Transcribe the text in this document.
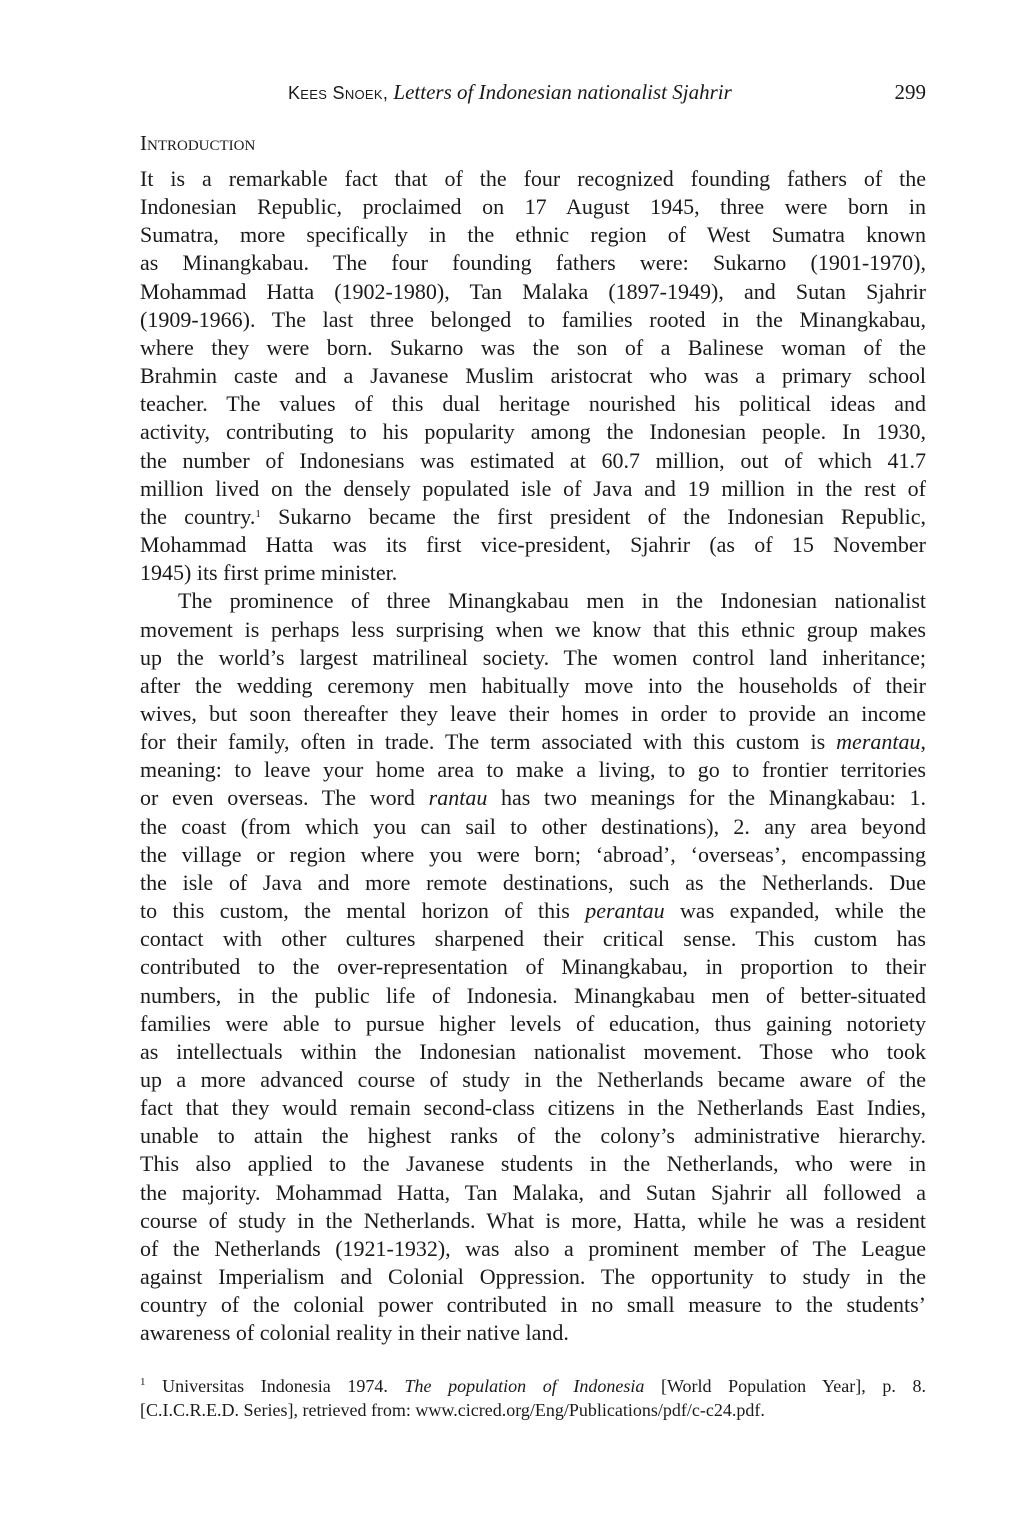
Kees Snoek, Letters of Indonesian nationalist Sjahrir	299
Introduction
It is a remarkable fact that of the four recognized founding fathers of the
Indonesian Republic, proclaimed on 17 August 1945, three were born in
Sumatra, more specifically in the ethnic region of West Sumatra known
as Minangkabau. The four founding fathers were: Sukarno (1901-1970),
Mohammad Hatta (1902-1980), Tan Malaka (1897-1949), and Sutan Sjahrir
(1909-1966). The last three belonged to families rooted in the Minangkabau,
where they were born. Sukarno was the son of a Balinese woman of the
Brahmin caste and a Javanese Muslim aristocrat who was a primary school
teacher. The values of this dual heritage nourished his political ideas and
activity, contributing to his popularity among the Indonesian people. In 1930,
the number of Indonesians was estimated at 60.7 million, out of which 41.7
million lived on the densely populated isle of Java and 19 million in the rest of
the country.$^1$ Sukarno became the first president of the Indonesian Republic,
Mohammad Hatta was its first vice-president, Sjahrir (as of 15 November
1945) its first prime minister.
The prominence of three Minangkabau men in the Indonesian nationalist
movement is perhaps less surprising when we know that this ethnic group makes
up the world’s largest matrilineal society. The women control land inheritance;
after the wedding ceremony men habitually move into the households of their
wives, but soon thereafter they leave their homes in order to provide an income
for their family, often in trade. The term associated with this custom is merantau,
meaning: to leave your home area to make a living, to go to frontier territories
or even overseas. The word rantau has two meanings for the Minangkabau: 1.
the coast (from which you can sail to other destinations), 2. any area beyond
the village or region where you were born; ‘abroad’, ‘overseas’, encompassing
the isle of Java and more remote destinations, such as the Netherlands. Due
to this custom, the mental horizon of this perantau was expanded, while the
contact with other cultures sharpened their critical sense. This custom has
contributed to the over-representation of Minangkabau, in proportion to their
numbers, in the public life of Indonesia. Minangkabau men of better-situated
families were able to pursue higher levels of education, thus gaining notoriety
as intellectuals within the Indonesian nationalist movement. Those who took
up a more advanced course of study in the Netherlands became aware of the
fact that they would remain second-class citizens in the Netherlands East Indies,
unable to attain the highest ranks of the colony’s administrative hierarchy.
This also applied to the Javanese students in the Netherlands, who were in
the majority. Mohammad Hatta, Tan Malaka, and Sutan Sjahrir all followed a
course of study in the Netherlands. What is more, Hatta, while he was a resident
of the Netherlands (1921-1932), was also a prominent member of The League
against Imperialism and Colonial Oppression. The opportunity to study in the
country of the colonial power contributed in no small measure to the students’
awareness of colonial reality in their native land.
$^1$ Universitas Indonesia 1974. The population of Indonesia [World Population Year], p. 8.
[C.I.C.R.E.D. Series], retrieved from: www.cicred.org/Eng/Publications/pdf/c-c24.pdf.
